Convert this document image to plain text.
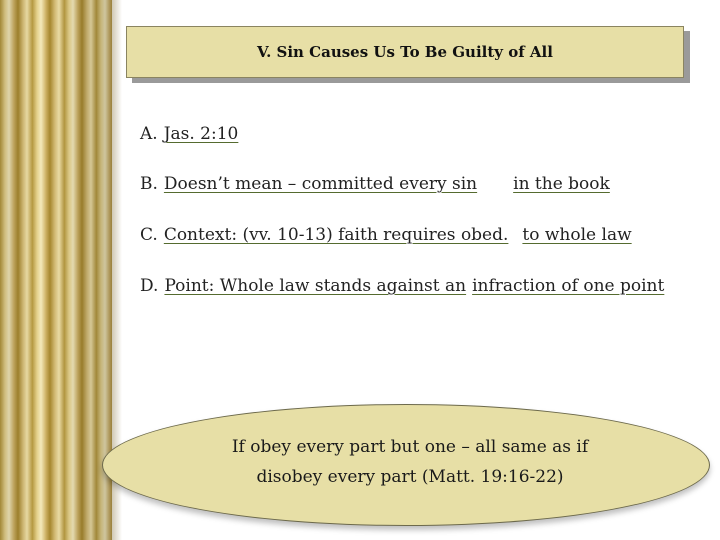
V. Sin Causes Us To Be Guilty of All
A. Jas. 2:10
B. Doesn’t mean – committed every sin in the book
C. Context: (vv. 10-13) faith requires obed. to whole law
D. Point: Whole law stands against an infraction of one point
If obey every part but one – all same as if
disobey every part (Matt. 19:16-22)
